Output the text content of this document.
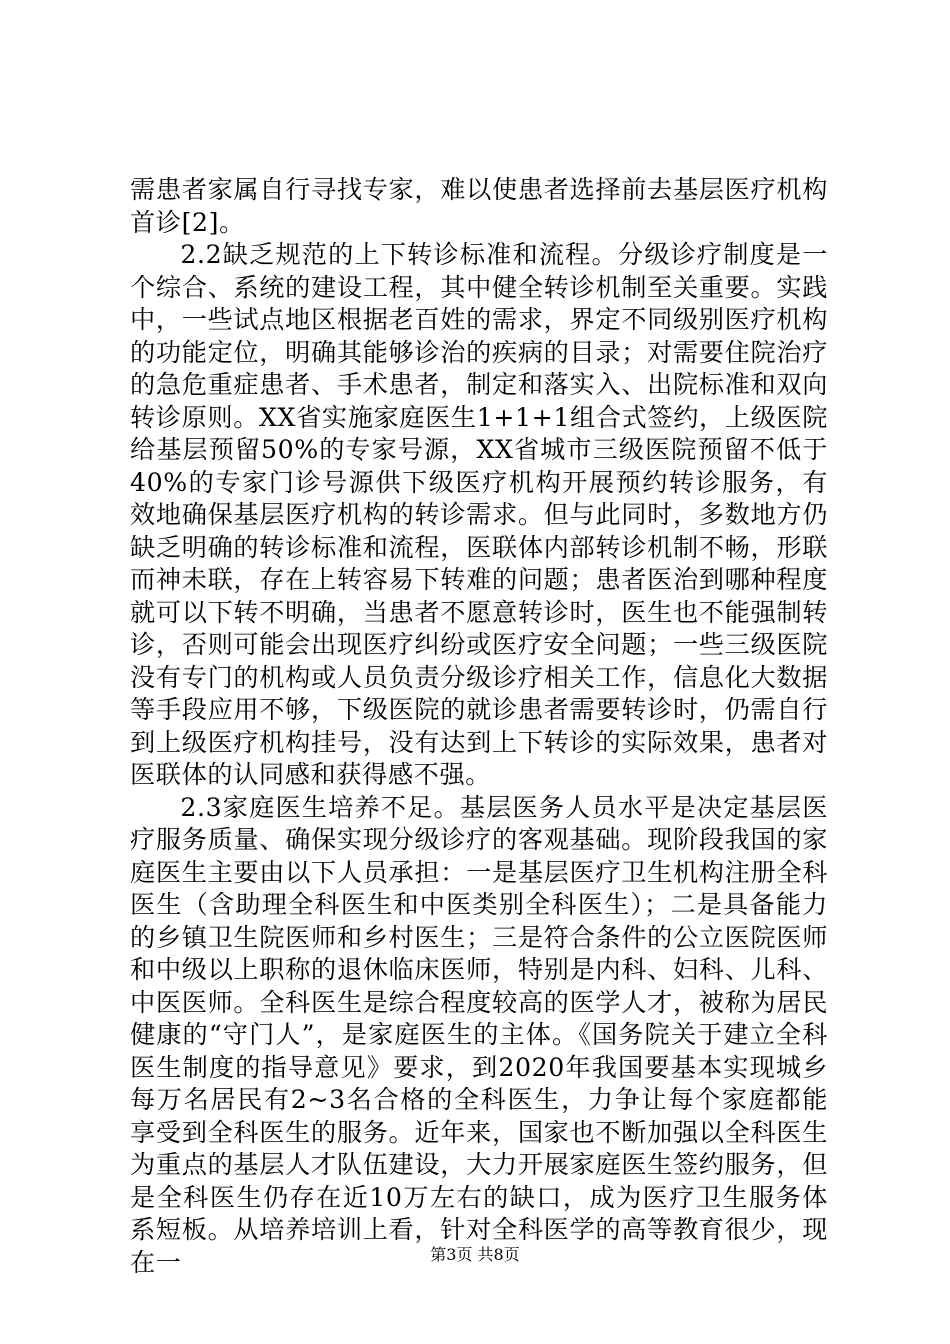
需患者家属自行寻找专家，难以使患者选择前去基层医疗机构首诊[2]。

2.2缺乏规范的上下转诊标准和流程。分级诊疗制度是一个综合、系统的建设工程，其中健全转诊机制至关重要。实践中，一些试点地区根据老百姓的需求，界定不同级别医疗机构的功能定位，明确其能够诊治的疾病的目录；对需要住院治疗的急危重症患者、手术患者，制定和落实入、出院标准和双向转诊原则。XX省实施家庭医生1+1+1组合式签约，上级医院给基层预留50%的专家号源，XX省城市三级医院预留不低于40%的专家门诊号源供下级医疗机构开展预约转诊服务，有效地确保基层医疗机构的转诊需求。但与此同时，多数地方仍缺乏明确的转诊标准和流程，医联体内部转诊机制不畅，形联而神未联，存在上转容易下转难的问题；患者医治到哪种程度就可以下转不明确，当患者不愿意转诊时，医生也不能强制转诊，否则可能会出现医疗纠纷或医疗安全问题；一些三级医院没有专门的机构或人员负责分级诊疗相关工作，信息化大数据等手段应用不够，下级医院的就诊患者需要转诊时，仍需自行到上级医疗机构挂号，没有达到上下转诊的实际效果，患者对医联体的认同感和获得感不强。

2.3家庭医生培养不足。基层医务人员水平是决定基层医疗服务质量、确保实现分级诊疗的客观基础。现阶段我国的家庭医生主要由以下人员承担：一是基层医疗卫生机构注册全科医生（含助理全科医生和中医类别全科医生）；二是具备能力的乡镇卫生院医师和乡村医生；三是符合条件的公立医院医师和中级以上职称的退休临床医师，特别是内科、妇科、儿科、中医医师。全科医生是综合程度较高的医学人才，被称为居民健康的“守门人”，是家庭医生的主体。《国务院关于建立全科医生制度的指导意见》要求，到2020年我国要基本实现城乡每万名居民有2~3名合格的全科医生，力争让每个家庭都能享受到全科医生的服务。近年来，国家也不断加强以全科医生为重点的基层人才队伍建设，大力开展家庭医生签约服务，但是全科医生仍存在近10万左右的缺口，成为医疗卫生服务体系短板。从培养培训上看，针对全科医学的高等教育很少，现在一	第3页 共8页
